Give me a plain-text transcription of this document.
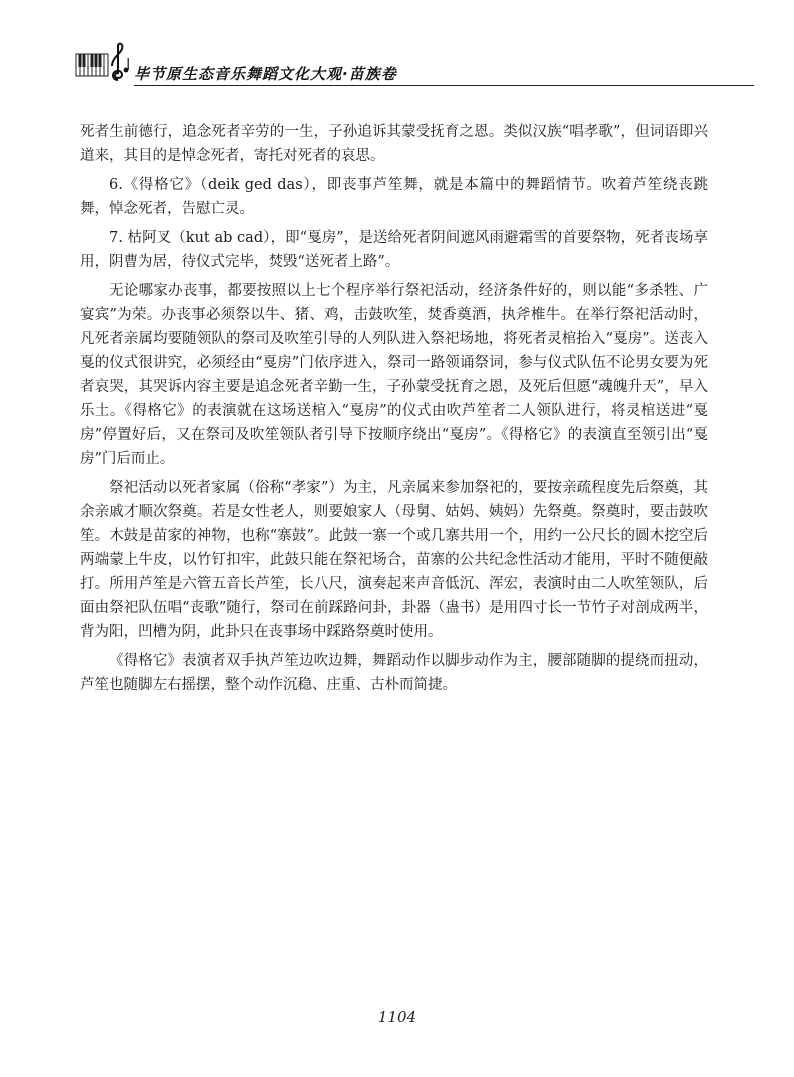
毕节原生态音乐舞蹈文化大观·苗族卷

死者生前德行，追念死者辛劳的一生，子孙追诉其蒙受抚育之恩。类似汉族“唱孝歌”，但词语即兴道来，其目的是悼念死者，寄托对死者的哀思。

6.《得格它》（deik ged das），即丧事芦笙舞，就是本篇中的舞蹈情节。吹着芦笙绕丧跳舞，悼念死者，告慰亡灵。

7. 枯阿叉（kut ab cad），即“戛房”，是送给死者阴间遮风雨避霜雪的首要祭物，死者丧场享用，阴曹为居，待仪式完毕，焚毁“送死者上路”。

无论哪家办丧事，都要按照以上七个程序举行祭祀活动，经济条件好的，则以能“多杀牲、广宴宾”为荣。办丧事必须祭以牛、猪、鸡，击鼓吹笙，焚香奠酒，执斧椎牛。在举行祭祀活动时，凡死者亲属均要随领队的祭司及吹笙引导的人列队进入祭祀场地，将死者灵棺抬入“戛房”。送丧入戛的仪式很讲究，必须经由“戛房”门依序进入，祭司一路领诵祭词，参与仪式队伍不论男女要为死者哀哭，其哭诉内容主要是追念死者辛勤一生，子孙蒙受抚育之恩，及死后但愿“魂魄升天”，早入乐土。《得格它》的表演就在这场送棺入“戛房”的仪式由吹芦笙者二人领队进行，将灵棺送进“戛房”停置好后，又在祭司及吹笙领队者引导下按顺序绕出“戛房”。《得格它》的表演直至领引出“戛房”门后而止。

祭祀活动以死者家属（俗称“孝家”）为主，凡亲属来参加祭祀的，要按亲疏程度先后祭奠，其余亲戚才顺次祭奠。若是女性老人，则要娘家人（母舅、姑妈、姨妈）先祭奠。祭奠时，要击鼓吹笙。木鼓是苗家的神物，也称“寨鼓”。此鼓一寨一个或几寨共用一个，用约一公尺长的圆木挖空后两端蒙上牛皮，以竹钉扣牢，此鼓只能在祭祀场合，苗寨的公共纪念性活动才能用，平时不随便敲打。所用芦笙是六管五音长芦笙，长八尺，演奏起来声音低沉、浑宏，表演时由二人吹笙领队，后面由祭祀队伍唱“丧歌”随行，祭司在前踩路问卦，卦器（蛊书）是用四寸长一节竹子对剖成两半，背为阳，凹槽为阴，此卦只在丧事场中踩路祭奠时使用。

《得格它》表演者双手执芦笙边吹边舞，舞蹈动作以脚步动作为主，腰部随脚的提绕而扭动，芦笙也随脚左右摇摆，整个动作沉稳、庄重、古朴而简捷。

1104
